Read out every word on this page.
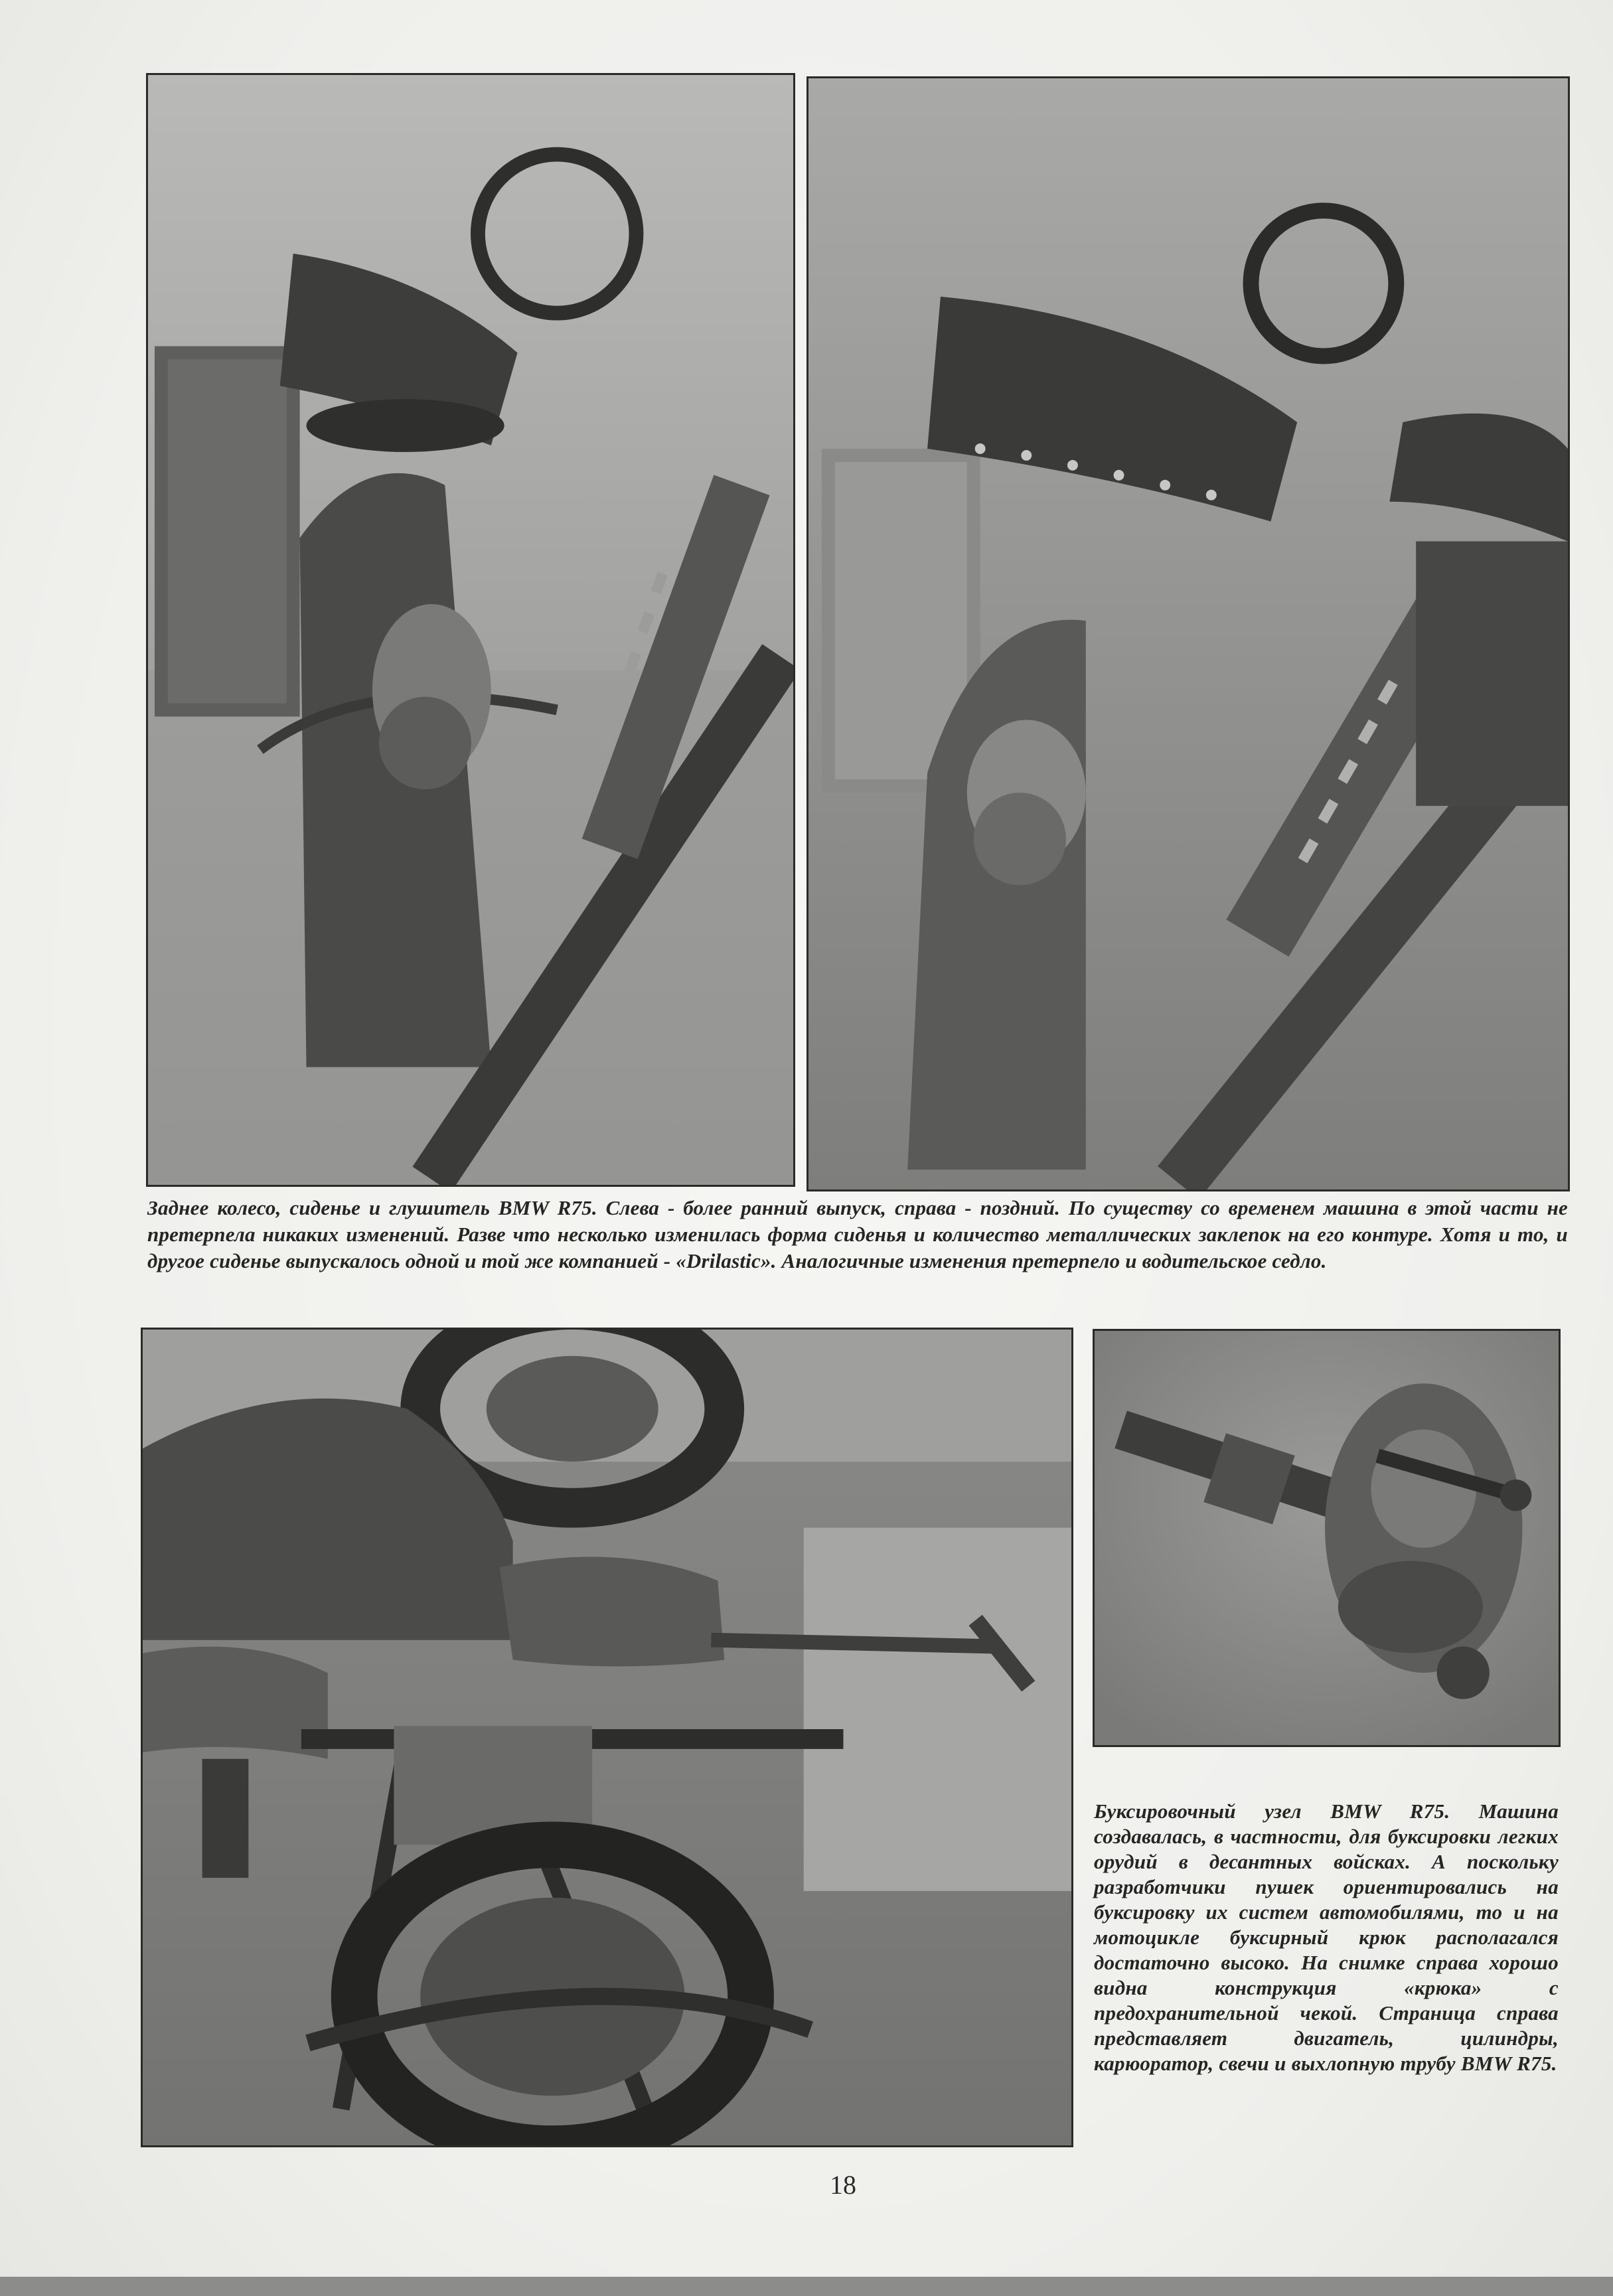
Заднее колесо, сиденье и глушитель BMW R75. Слева - более ранний выпуск, справа - поздний. По существу со временем машина в этой части не претерпела никаких изменений. Разве что несколько изменилась форма сиденья и количество металлических заклепок на его контуре. Хотя и то, и другое сиденье выпускалось одной и той же компанией - «Drilastic». Аналогичные изменения претерпело и водительское седло.

Буксировочный узел BMW R75. Машина создавалась, в частности, для буксировки легких орудий в десантных войсках. А поскольку разработчики пушек ориентировались на буксировку их систем автомобилями, то и на мотоцикле буксирный крюк располагался достаточно высоко. На снимке справа хорошо видна конструкция «крюка» с предохранительной чекой. Страница справа представляет двигатель, цилиндры, карюоратор, свечи и выхлопную трубу BMW R75.

18
